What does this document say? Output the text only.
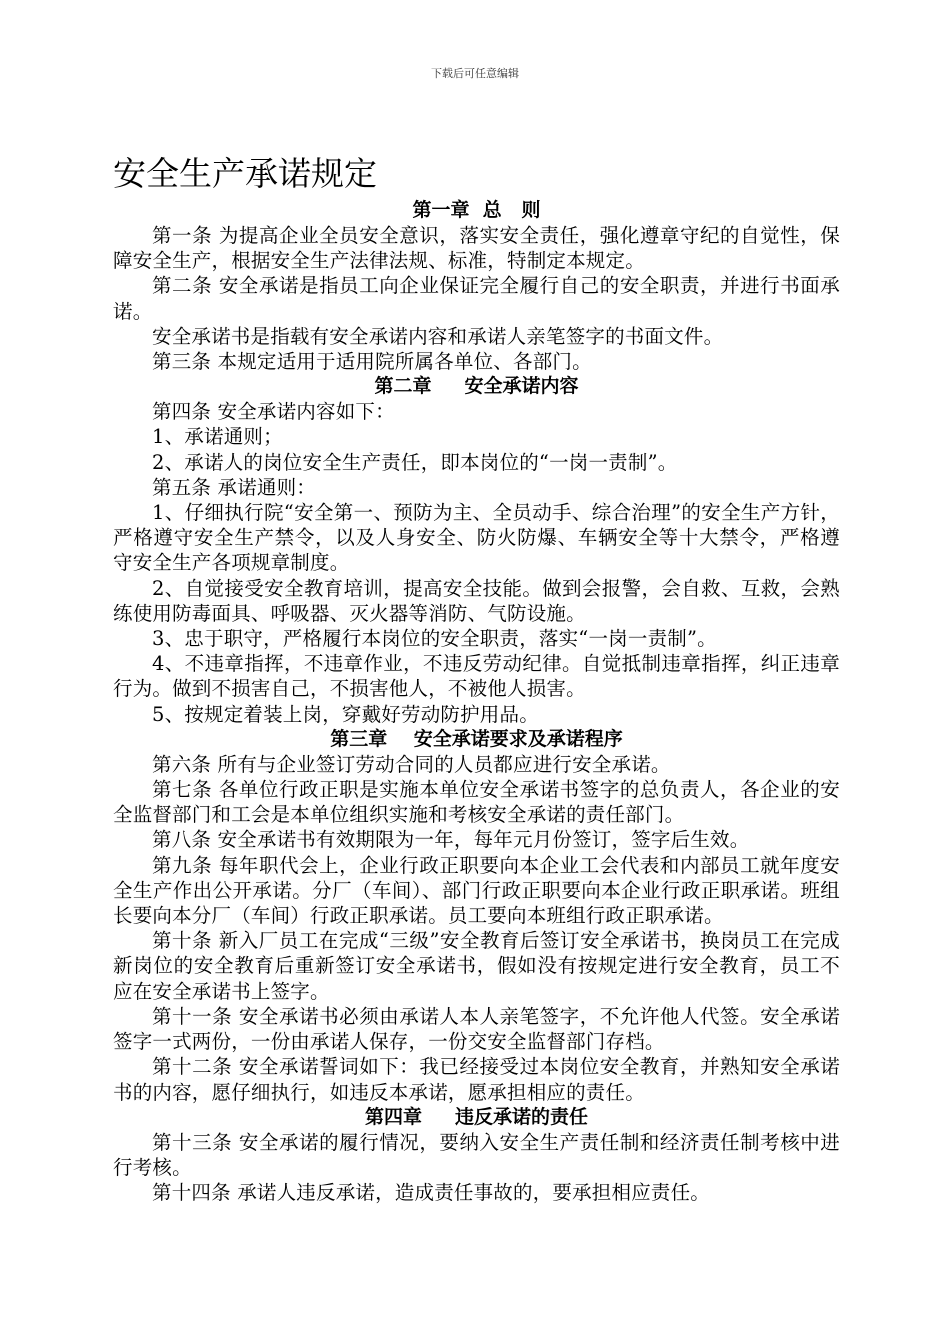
下载后可任意编辑
安全生产承诺规定
第一章  总   则

第一条 为提高企业全员安全意识，落实安全责任，强化遵章守纪的自觉性，保障安全生产，根据安全生产法律法规、标准，特制定本规定。

第二条 安全承诺是指员工向企业保证完全履行自己的安全职责，并进行书面承诺。

安全承诺书是指载有安全承诺内容和承诺人亲笔签字的书面文件。

第三条 本规定适用于适用院所属各单位、各部门。

第二章     安全承诺内容

第四条 安全承诺内容如下：

1、承诺通则；

2、承诺人的岗位安全生产责任，即本岗位的“一岗一责制”。

第五条 承诺通则：

1、仔细执行院“安全第一、预防为主、全员动手、综合治理”的安全生产方针，严格遵守安全生产禁令，以及人身安全、防火防爆、车辆安全等十大禁令，严格遵守安全生产各项规章制度。

2、自觉接受安全教育培训，提高安全技能。做到会报警，会自救、互救，会熟练使用防毒面具、呼吸器、灭火器等消防、气防设施。

3、忠于职守，严格履行本岗位的安全职责，落实“一岗一责制”。

4、不违章指挥，不违章作业，不违反劳动纪律。自觉抵制违章指挥，纠正违章行为。做到不损害自己，不损害他人，不被他人损害。

5、按规定着装上岗，穿戴好劳动防护用品。

第三章    安全承诺要求及承诺程序

第六条 所有与企业签订劳动合同的人员都应进行安全承诺。

第七条 各单位行政正职是实施本单位安全承诺书签字的总负责人，各企业的安全监督部门和工会是本单位组织实施和考核安全承诺的责任部门。

第八条 安全承诺书有效期限为一年，每年元月份签订，签字后生效。

第九条 每年职代会上，企业行政正职要向本企业工会代表和内部员工就年度安全生产作出公开承诺。分厂（车间）、部门行政正职要向本企业行政正职承诺。班组长要向本分厂（车间）行政正职承诺。员工要向本班组行政正职承诺。

第十条 新入厂员工在完成“三级”安全教育后签订安全承诺书，换岗员工在完成新岗位的安全教育后重新签订安全承诺书，假如没有按规定进行安全教育，员工不应在安全承诺书上签字。

第十一条 安全承诺书必须由承诺人本人亲笔签字，不允许他人代签。安全承诺签字一式两份，一份由承诺人保存，一份交安全监督部门存档。

第十二条 安全承诺誓词如下：我已经接受过本岗位安全教育，并熟知安全承诺书的内容，愿仔细执行，如违反本承诺，愿承担相应的责任。

第四章     违反承诺的责任

第十三条 安全承诺的履行情况，要纳入安全生产责任制和经济责任制考核中进行考核。

第十四条 承诺人违反承诺，造成责任事故的，要承担相应责任。
